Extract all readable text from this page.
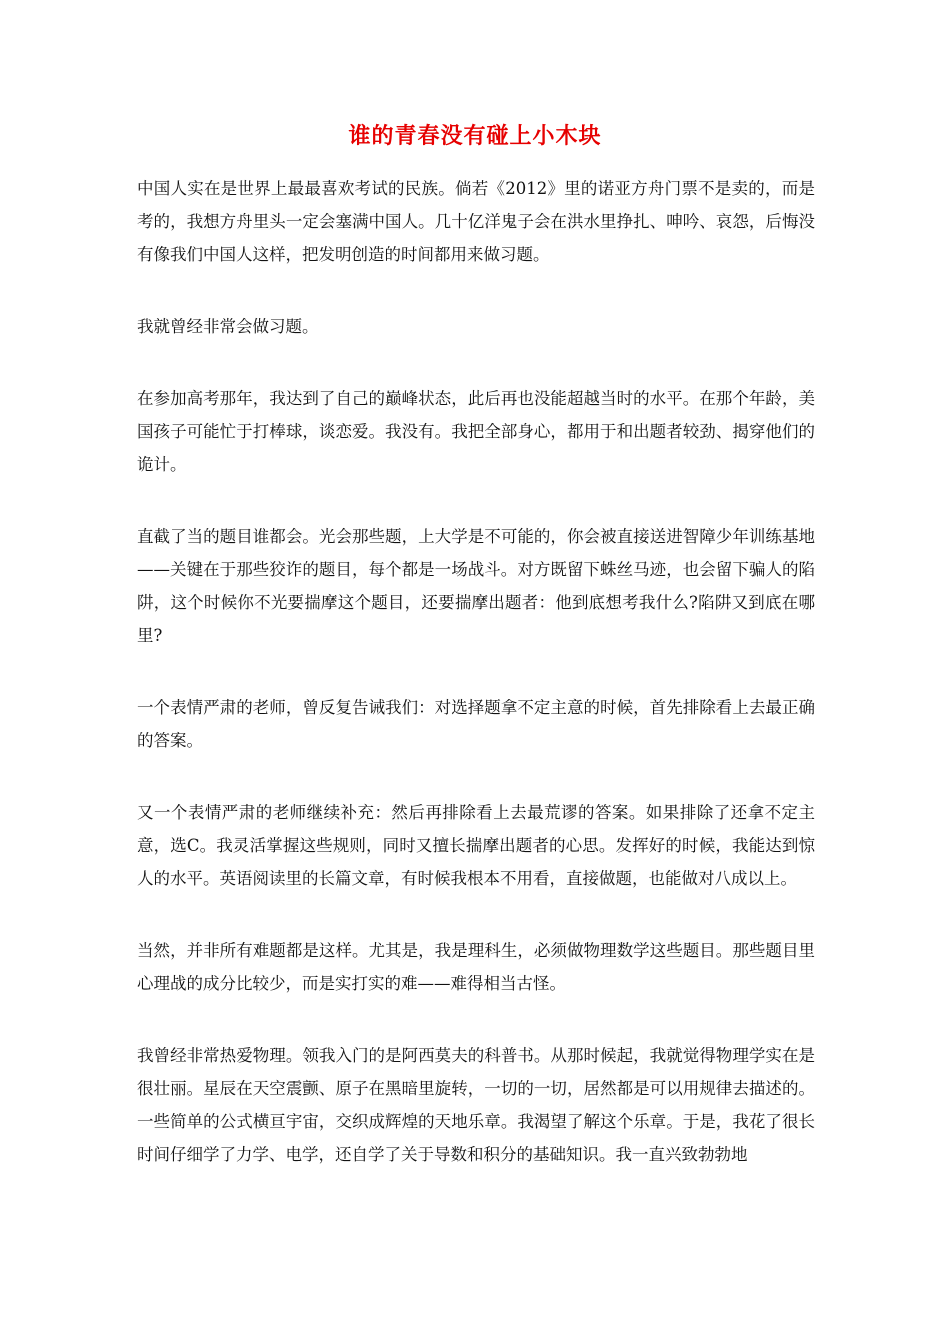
谁的青春没有碰上小木块

中国人实在是世界上最最喜欢考试的民族。倘若《2012》里的诺亚方舟门票不是卖的，而是考的，我想方舟里头一定会塞满中国人。几十亿洋鬼子会在洪水里挣扎、呻吟、哀怨，后悔没有像我们中国人这样，把发明创造的时间都用来做习题。

我就曾经非常会做习题。

在参加高考那年，我达到了自己的巅峰状态，此后再也没能超越当时的水平。在那个年龄，美国孩子可能忙于打棒球，谈恋爱。我没有。我把全部身心，都用于和出题者较劲、揭穿他们的诡计。

直截了当的题目谁都会。光会那些题，上大学是不可能的，你会被直接送进智障少年训练基地——关键在于那些狡诈的题目，每个都是一场战斗。对方既留下蛛丝马迹，也会留下骗人的陷阱，这个时候你不光要揣摩这个题目，还要揣摩出题者：他到底想考我什么?陷阱又到底在哪里?

一个表情严肃的老师，曾反复告诫我们：对选择题拿不定主意的时候，首先排除看上去最正确的答案。

又一个表情严肃的老师继续补充：然后再排除看上去最荒谬的答案。如果排除了还拿不定主意，选C。我灵活掌握这些规则，同时又擅长揣摩出题者的心思。发挥好的时候，我能达到惊人的水平。英语阅读里的长篇文章，有时候我根本不用看，直接做题，也能做对八成以上。

当然，并非所有难题都是这样。尤其是，我是理科生，必须做物理数学这些题目。那些题目里心理战的成分比较少，而是实打实的难——难得相当古怪。

我曾经非常热爱物理。领我入门的是阿西莫夫的科普书。从那时候起，我就觉得物理学实在是很壮丽。星辰在天空震颤、原子在黑暗里旋转，一切的一切，居然都是可以用规律去描述的。一些简单的公式横亘宇宙，交织成辉煌的天地乐章。我渴望了解这个乐章。于是，我花了很长时间仔细学了力学、电学，还自学了关于导数和积分的基础知识。我一直兴致勃勃地
